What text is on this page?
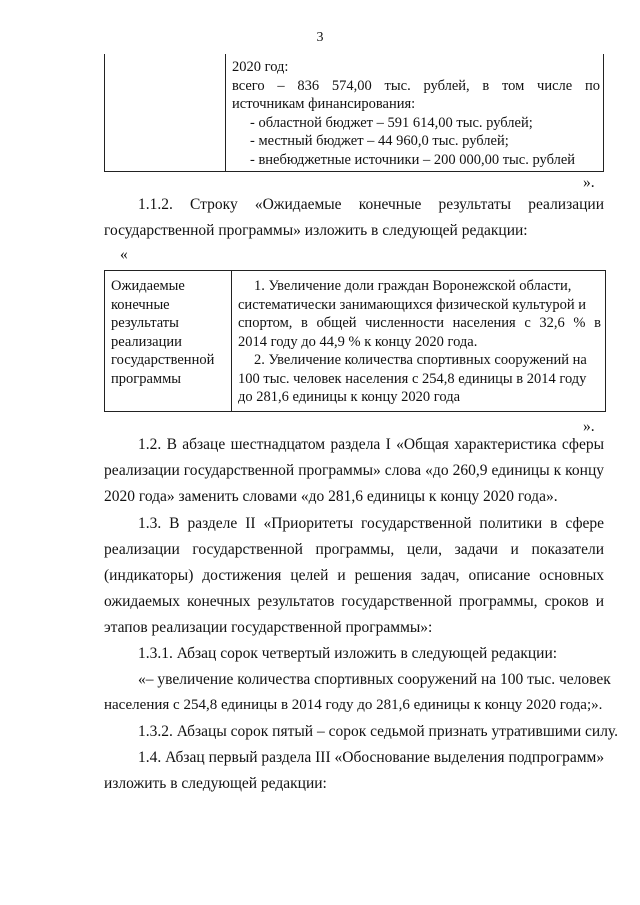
3
2020 год:
всего – 836 574,00 тыс. рублей, в том числе по
источникам финансирования:
- областной бюджет – 591 614,00 тыс. рублей;
- местный бюджет – 44 960,0 тыс. рублей;
- внебюджетные источники – 200 000,00 тыс. рублей
».
1.1.2. Строку «Ожидаемые конечные результаты реализации
государственной программы» изложить в следующей редакции:
«
Ожидаемые
конечные
результаты
реализации
государственной
программы
1. Увеличение доли граждан Воронежской области,
систематически занимающихся физической культурой и
спортом, в общей численности населения с 32,6 % в
2014 году до 44,9 % к концу 2020 года.
2. Увеличение количества спортивных сооружений на
100 тыс. человек населения с 254,8 единицы в 2014 году
до 281,6 единицы к концу 2020 года
».
1.2. В абзаце шестнадцатом раздела I «Общая характеристика сферы
реализации государственной программы» слова «до 260,9 единицы к концу
2020 года» заменить словами «до 281,6 единицы к концу 2020 года».
1.3. В разделе II «Приоритеты государственной политики в сфере
реализации государственной программы, цели, задачи и показатели
(индикаторы) достижения целей и решения задач, описание основных
ожидаемых конечных результатов государственной программы, сроков и
этапов реализации государственной программы»:
1.3.1. Абзац сорок четвертый изложить в следующей редакции:
«– увеличение количества спортивных сооружений на 100 тыс. человек
населения с 254,8 единицы в 2014 году до 281,6 единицы к концу 2020 года;».
1.3.2. Абзацы сорок пятый – сорок седьмой признать утратившими силу.
1.4. Абзац первый раздела III «Обоснование выделения подпрограмм»
изложить в следующей редакции:
